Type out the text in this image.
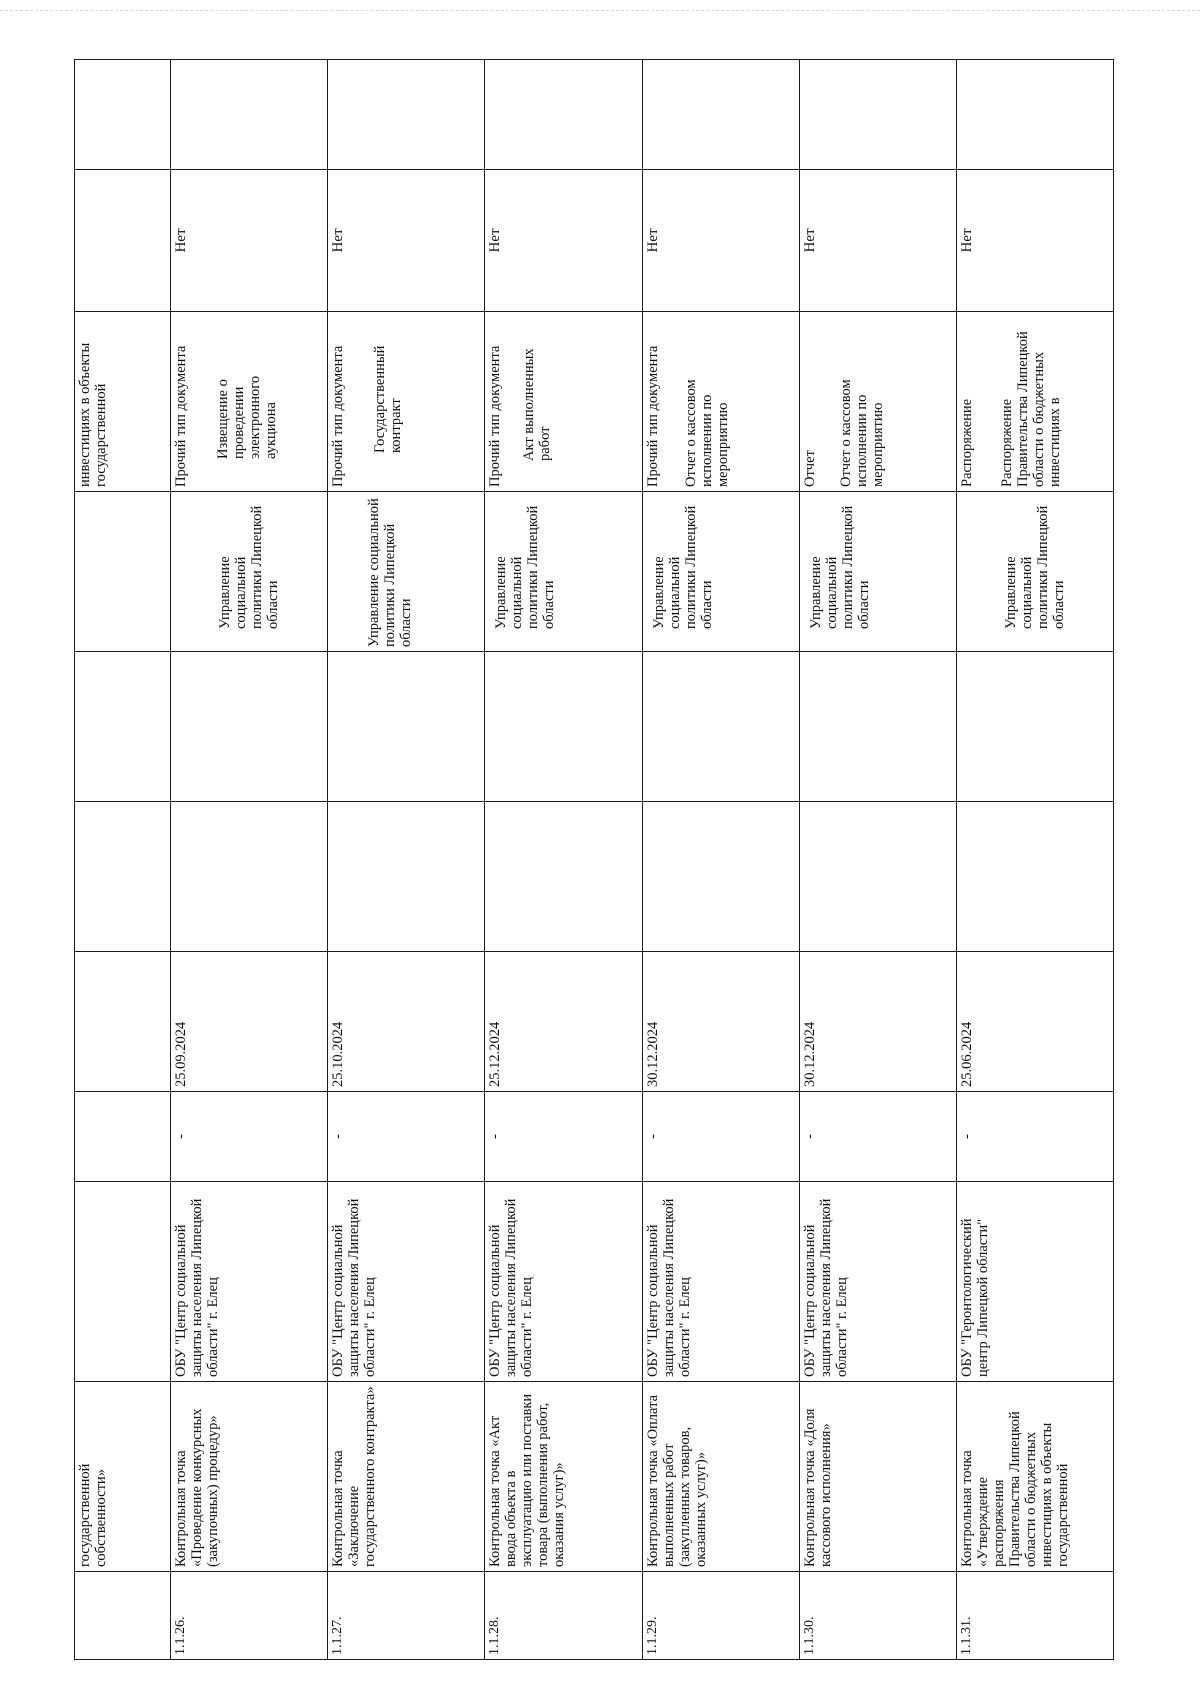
	государственной собственности»							инвестициях в объекты государственной		
1.1.26.	Контрольная точка «Проведение конкурсных (закупочных) процедур»	ОБУ "Центр социальной защиты населения Липецкой области" г. Елец	-	25.09.2024			Управление социальной политики Липецкой области	Прочий тип документа Извещение о проведении электронного аукциона	Нет	
1.1.27.	Контрольная точка «Заключение государственного контракта»	ОБУ "Центр социальной защиты населения Липецкой области" г. Елец	-	25.10.2024			Управление социальной политики Липецкой области	Прочий тип документа Государственный контракт	Нет	
1.1.28.	Контрольная точка «Акт ввода объекта в эксплуатацию или поставки товара (выполнения работ, оказания услуг)»	ОБУ "Центр социальной защиты населения Липецкой области" г. Елец	-	25.12.2024			Управление социальной политики Липецкой области	Прочий тип документа Акт выполненных работ	Нет	
1.1.29.	Контрольная точка «Оплата выполненных работ (закупленных товаров, оказанных услуг)»	ОБУ "Центр социальной защиты населения Липецкой области" г. Елец	-	30.12.2024			Управление социальной политики Липецкой области	Прочий тип документа Отчет о кассовом исполнении по мероприятию	Нет	
1.1.30.	Контрольная точка «Доля кассового исполнения»	ОБУ "Центр социальной защиты населения Липецкой области" г. Елец	-	30.12.2024			Управление социальной политики Липецкой области	Отчет Отчет о кассовом исполнении по мероприятию	Нет	
1.1.31.	Контрольная точка «Утверждение распоряжения Правительства Липецкой области о бюджетных инвестициях в объекты государственной	ОБУ "Геронтологический центр Липецкой области"	-	25.06.2024			Управление социальной политики Липецкой области	Распоряжение Распоряжение Правительства Липецкой области о бюджетных инвестициях в	Нет	
